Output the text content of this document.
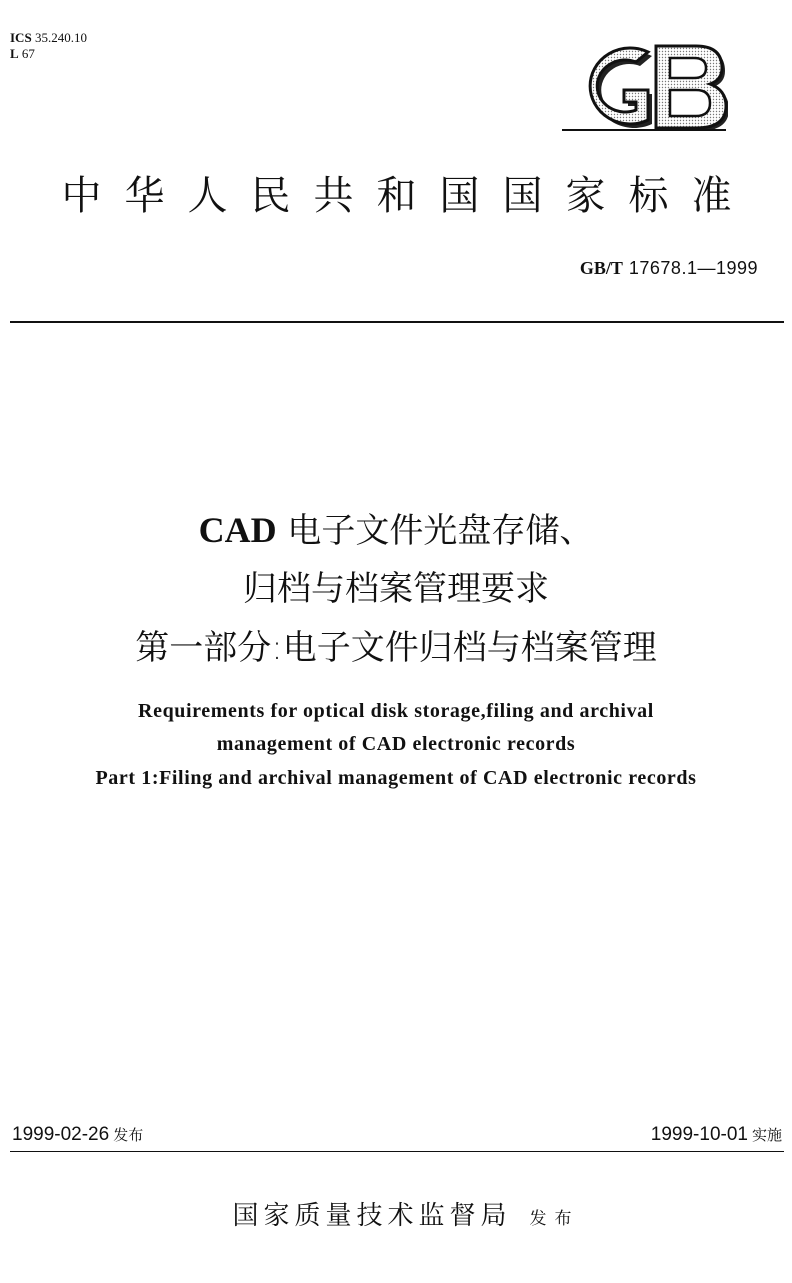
ICS 35.240.10
L 67
中华人民共和国国家标准
GB/T 17678.1—1999
CAD 电子文件光盘存储、
归档与档案管理要求
第一部分:电子文件归档与档案管理
Requirements for optical disk storage,filing and archival
management of CAD electronic records
Part 1:Filing and archival management of CAD electronic records
1999-02-26 发布	1999-10-01 实施
国家质量技术监督局 发布
